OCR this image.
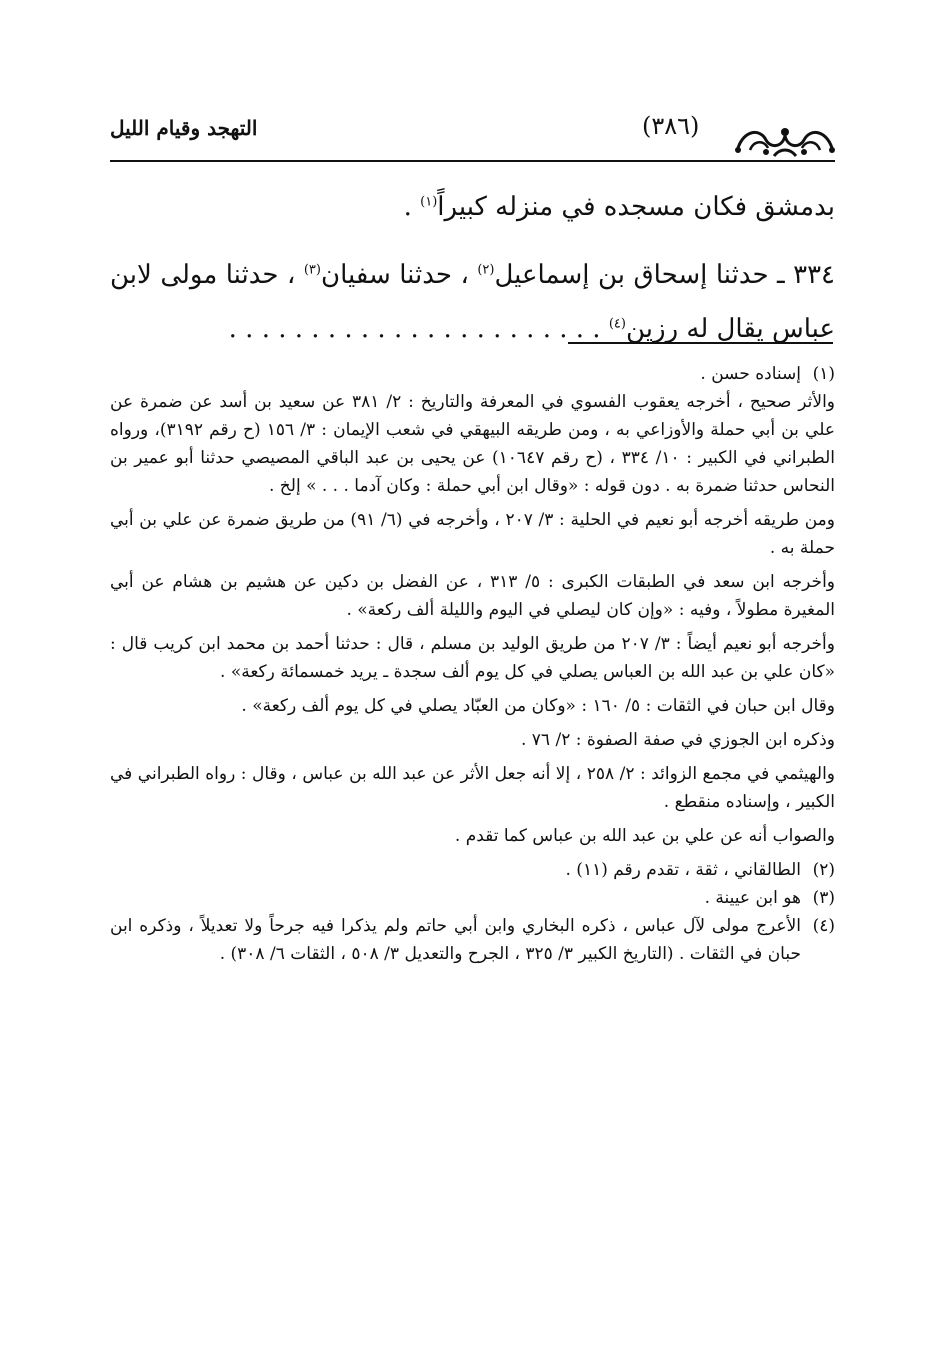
التهجد وقيام الليل	(٣٨٦)

بدمشق فكان مسجده في منزله كبيراً$^{(١)}$ .

٣٣٤ ـ حدثنا إسحاق بن إسماعيل$^{(٢)}$ ، حدثنا سفيان$^{(٣)}$ ، حدثنا مولى لابن عباس يقال له رزين$^{(٤)}$ . . . . . . . . . . . . . . . . . . . . . . .

(١)
إسناده حسن .

والأثر صحيح ، أخرجه يعقوب الفسوي في المعرفة والتاريخ : ٢/ ٣٨١ عن سعيد بن أسد عن ضمرة عن علي بن أبي حملة والأوزاعي به ، ومن طريقه البيهقي في شعب الإيمان : ٣/ ١٥٦ (ح رقم ٣١٩٢)، ورواه الطبراني في الكبير : ١٠/ ٣٣٤ ، (ح رقم ١٠٦٤٧) عن يحيى بن عبد الباقي المصيصي حدثنا أبو عمير بن النحاس حدثنا ضمرة به . دون قوله : «وقال ابن أبي حملة : وكان آدما . . . » إلخ .

ومن طريقه أخرجه أبو نعيم في الحلية : ٣/ ٢٠٧ ، وأخرجه في (٦/ ٩١) من طريق ضمرة عن علي بن أبي حملة به .

وأخرجه ابن سعد في الطبقات الكبرى : ٥/ ٣١٣ ، عن الفضل بن دكين عن هشيم بن هشام عن أبي المغيرة مطولاً ، وفيه : «وإن كان ليصلي في اليوم والليلة ألف ركعة» .

وأخرجه أبو نعيم أيضاً : ٣/ ٢٠٧ من طريق الوليد بن مسلم ، قال : حدثنا أحمد بن محمد ابن كريب قال : «كان علي بن عبد الله بن العباس يصلي في كل يوم ألف سجدة ـ يريد خمسمائة ركعة» .

وقال ابن حبان في الثقات : ٥/ ١٦٠ : «وكان من العبّاد يصلي في كل يوم ألف ركعة» .

وذكره ابن الجوزي في صفة الصفوة : ٢/ ٧٦ .

والهيثمي في مجمع الزوائد : ٢/ ٢٥٨ ، إلا أنه جعل الأثر عن عبد الله بن عباس ، وقال : رواه الطبراني في الكبير ، وإسناده منقطع .

والصواب أنه عن علي بن عبد الله بن عباس كما تقدم .

(٢)
الطالقاني ، ثقة ، تقدم رقم (١١) .
(٣)
هو ابن عيينة .
(٤)
الأعرج مولى لآل عباس ، ذكره البخاري وابن أبي حاتم ولم يذكرا فيه جرحاً ولا تعديلاً ، وذكره ابن حبان في الثقات . (التاريخ الكبير ٣/ ٣٢٥ ، الجرح والتعديل ٣/ ٥٠٨ ، الثقات ٦/ ٣٠٨) .
